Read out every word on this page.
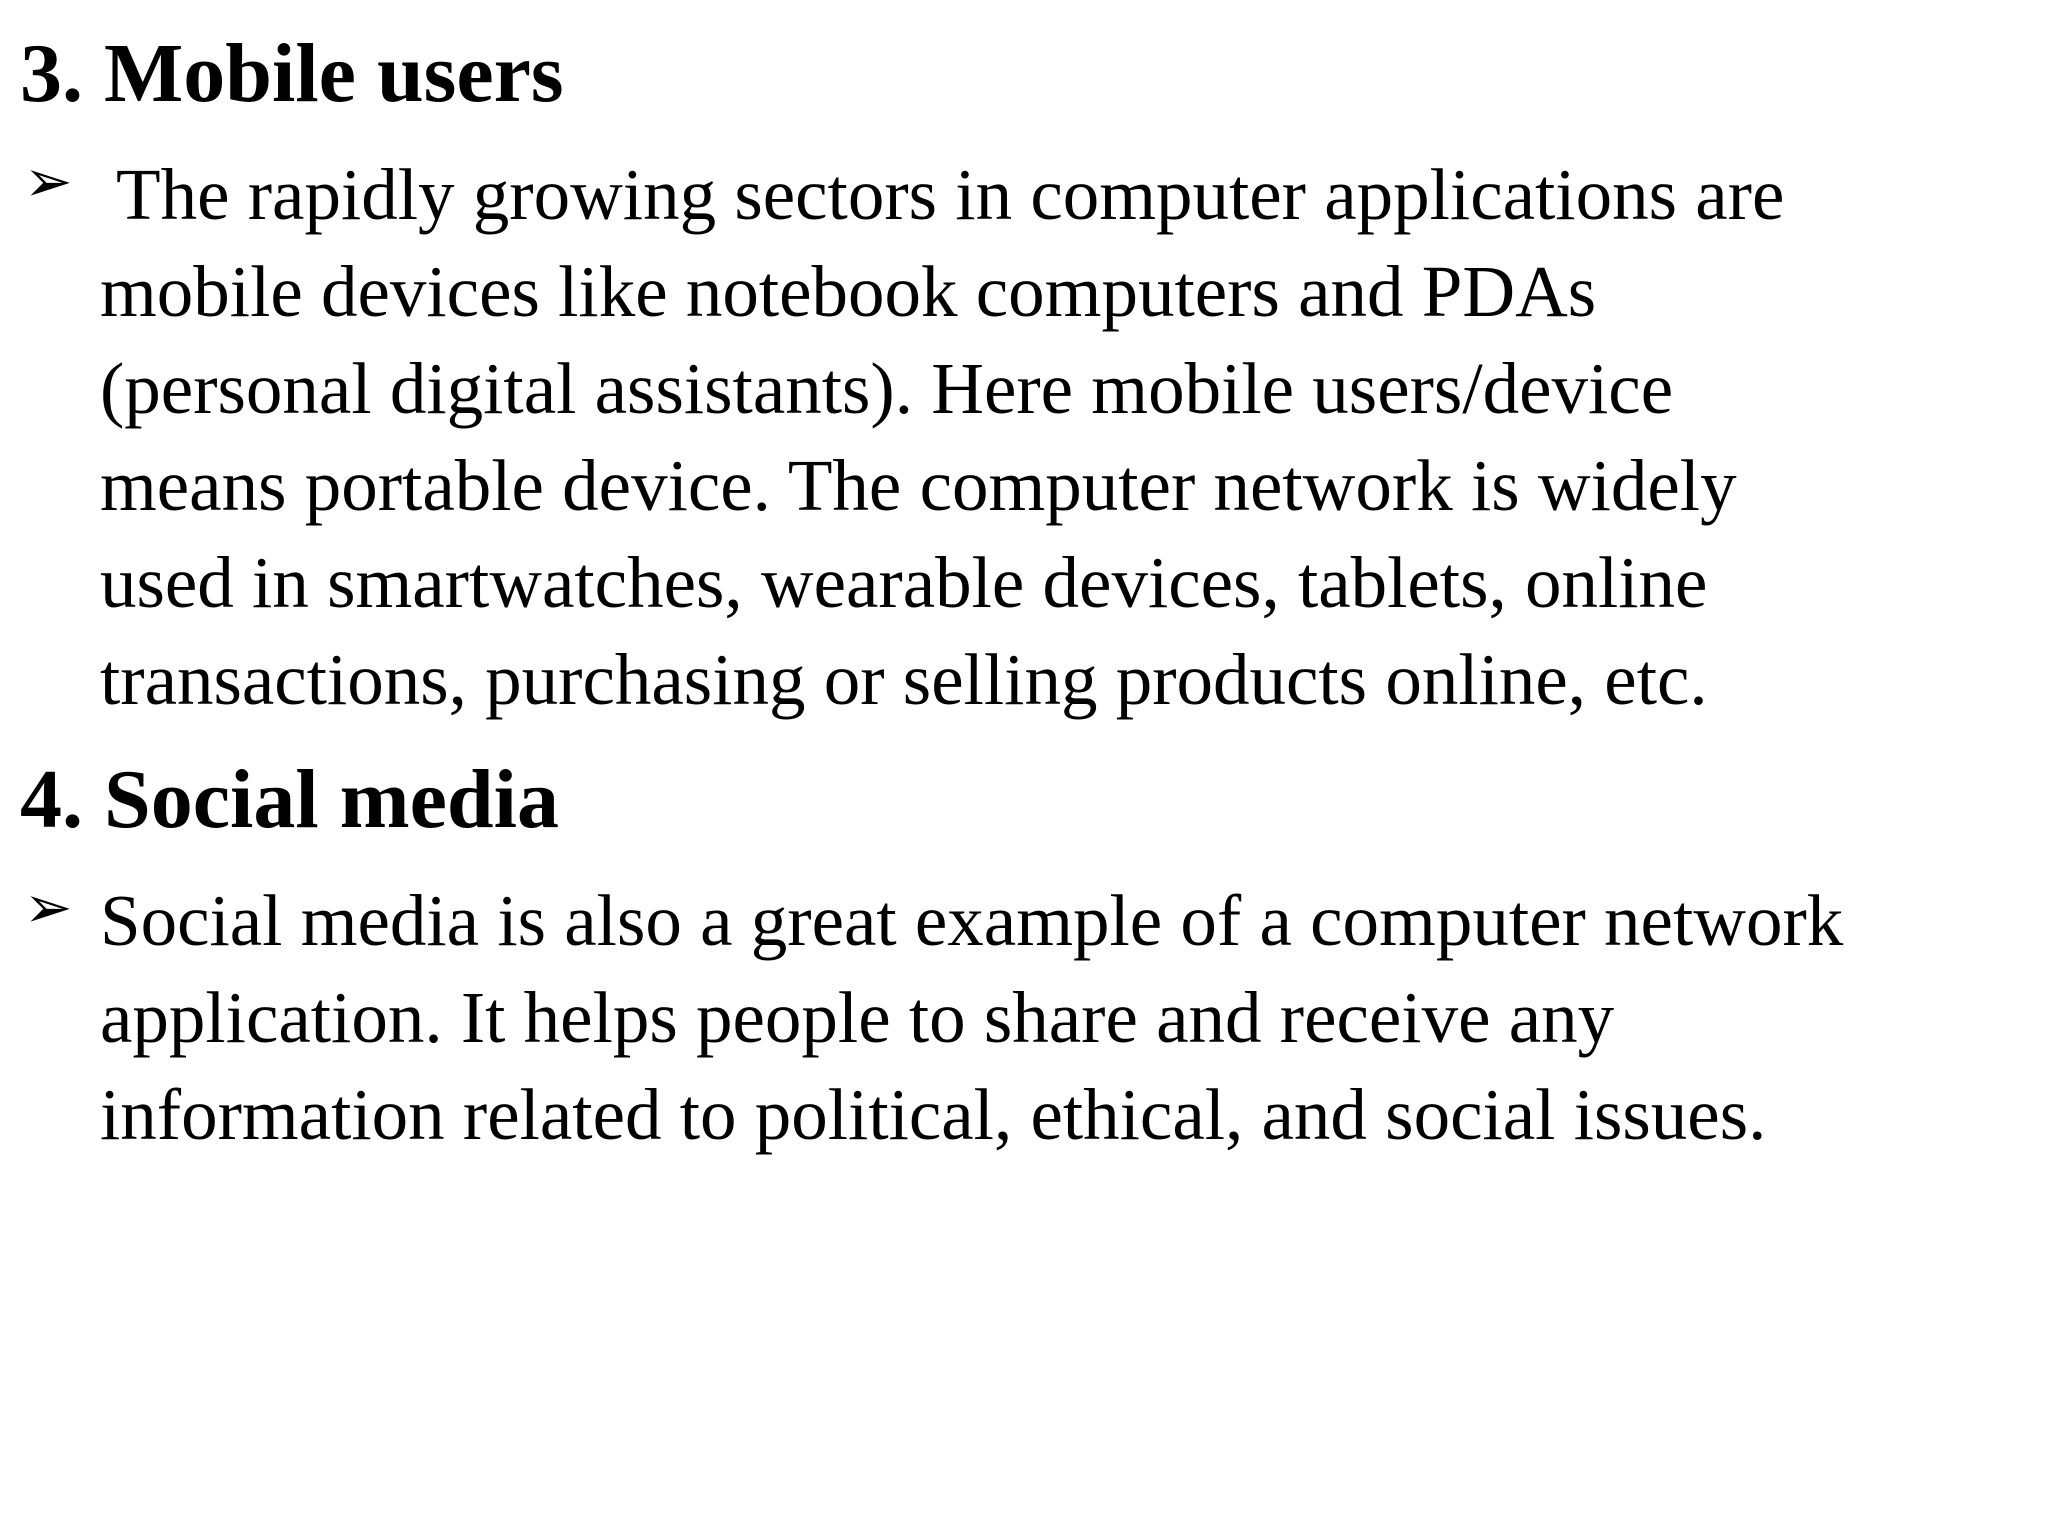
3. Mobile users
➢ The rapidly growing sectors in computer applications are
mobile devices like notebook computers and PDAs
(personal digital assistants). Here mobile users/device
means portable device. The computer network is widely
used in smartwatches, wearable devices, tablets, online
transactions, purchasing or selling products online, etc.

4. Social media
➢ Social media is also a great example of a computer network
application. It helps people to share and receive any
information related to political, ethical, and social issues.
